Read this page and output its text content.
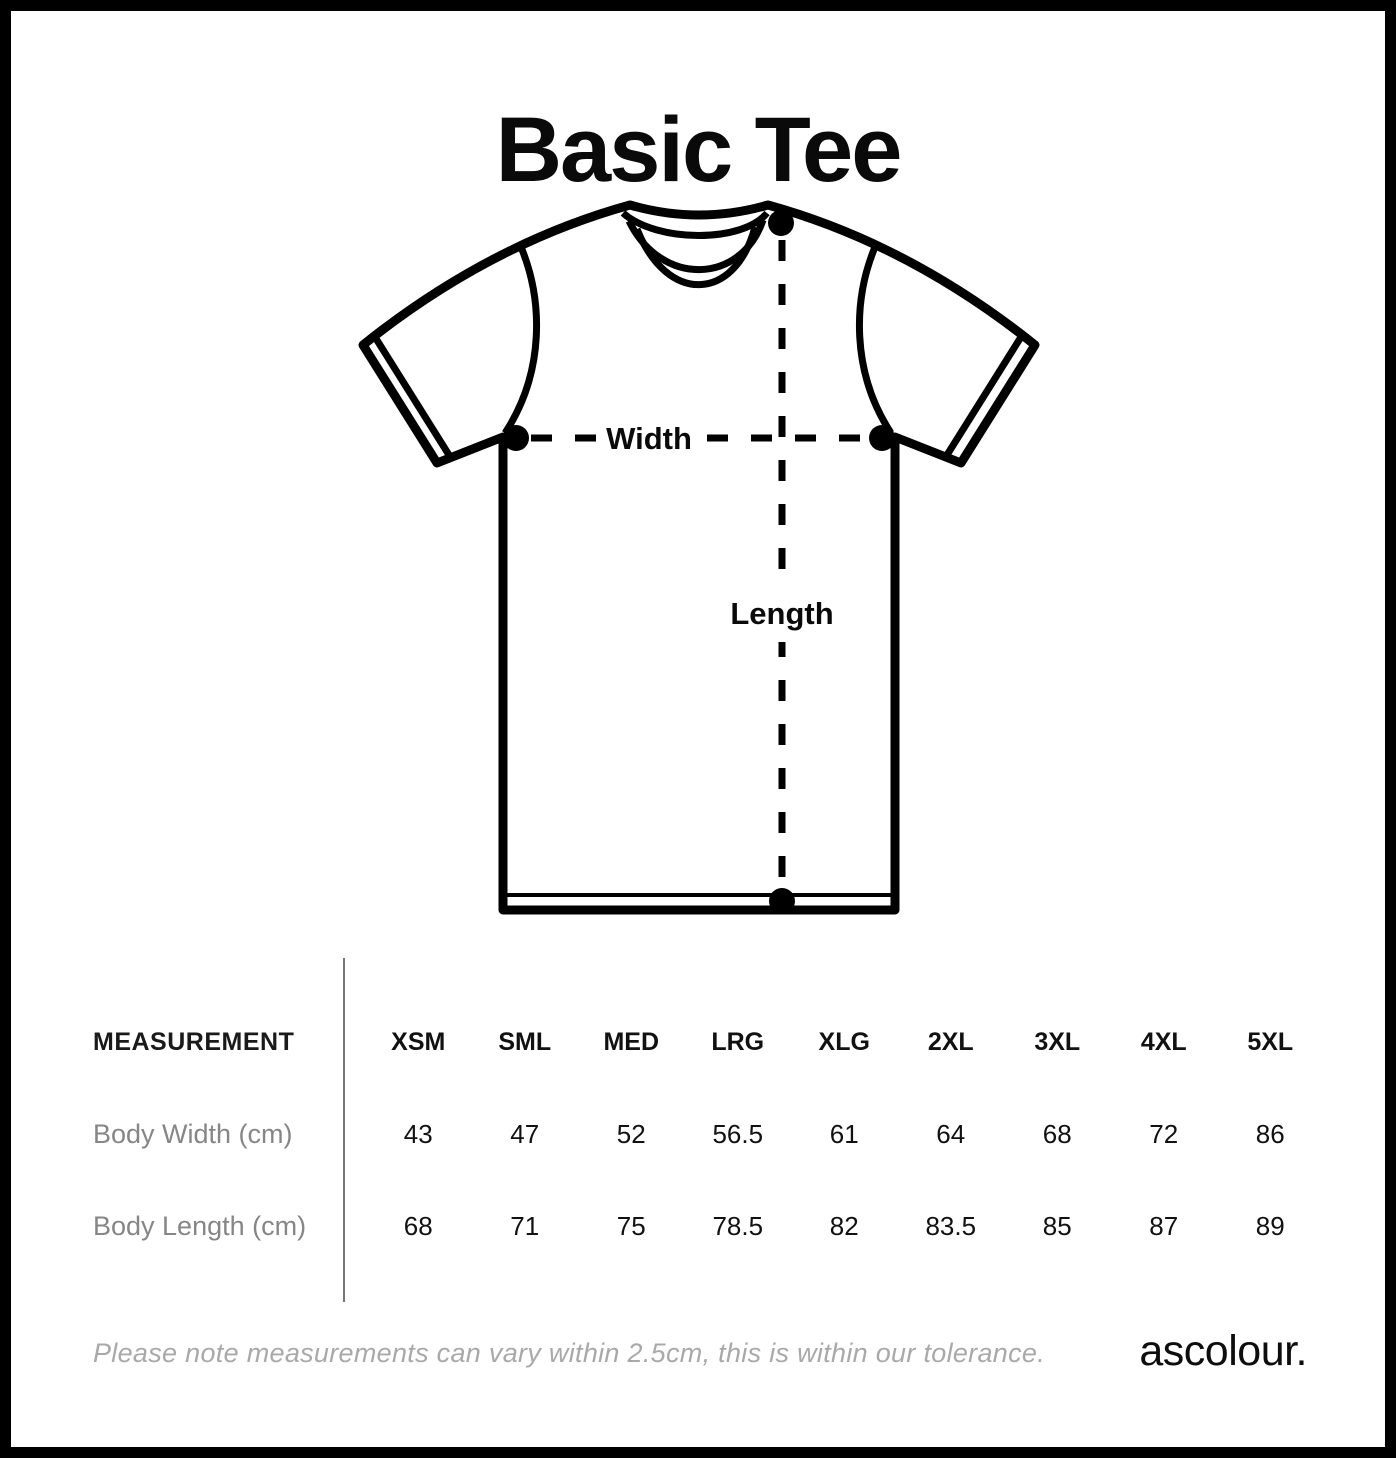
Basic Tee
Width
Length
MEASUREMENT	XSM	SML	MED	LRG	XLG	2XL	3XL	4XL	5XL
Body Width (cm)	43	47	52	56.5	61	64	68	72	86
Body Length (cm)	68	71	75	78.5	82	83.5	85	87	89
Please note measurements can vary within 2.5cm, this is within our tolerance. ascolour.
